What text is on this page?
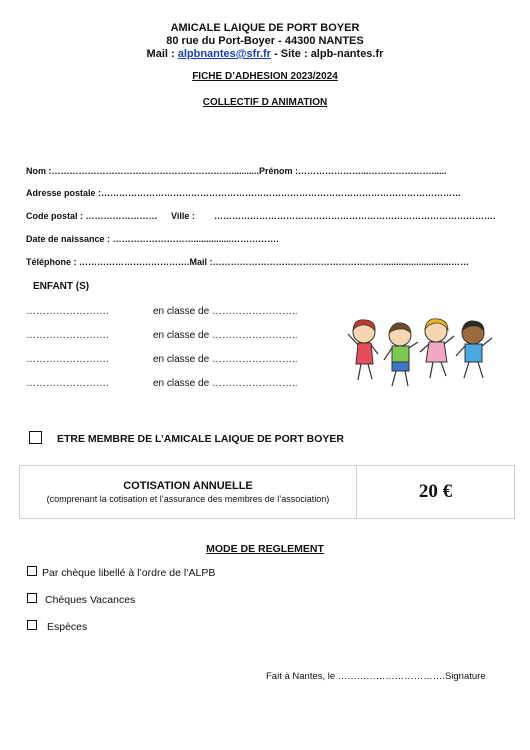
AMICALE LAIQUE DE PORT BOYER
80 rue du Port-Boyer - 44300 NANTES
Mail : alpbnantes@sfr.fr - Site : alpb-nantes.fr
FICHE D’ADHESION 2023/2024
COLLECTIF D ANIMATION
Nom :……………………………………………………...........Prénom :…………………...…………………......
Adresse postale :…………………………………………………………………………………………………………
Code postal : …………………… Ville : ………………………………………………………………………………….
Date de naissance : ………………………...............…………….
Téléphone : ……………………………….Mail :…………………………………………………...........................……
ENFANT (S)
…………………….	en classe de ……………………..
…………………….	en classe de ……………………..
…………………….	en classe de ……………………..
…………………….	en classe de ……………………..
ETRE MEMBRE DE L’AMICALE LAIQUE DE PORT BOYER
COTISATION ANNUELLE
(comprenant la cotisation et l’assurance des membres de l’association)	20 €
MODE DE REGLEMENT
Par chèque libellé à l’ordre de l’ALPB
Chèques Vacances
Espèces
Fait à Nantes, le …………………………….Signature
